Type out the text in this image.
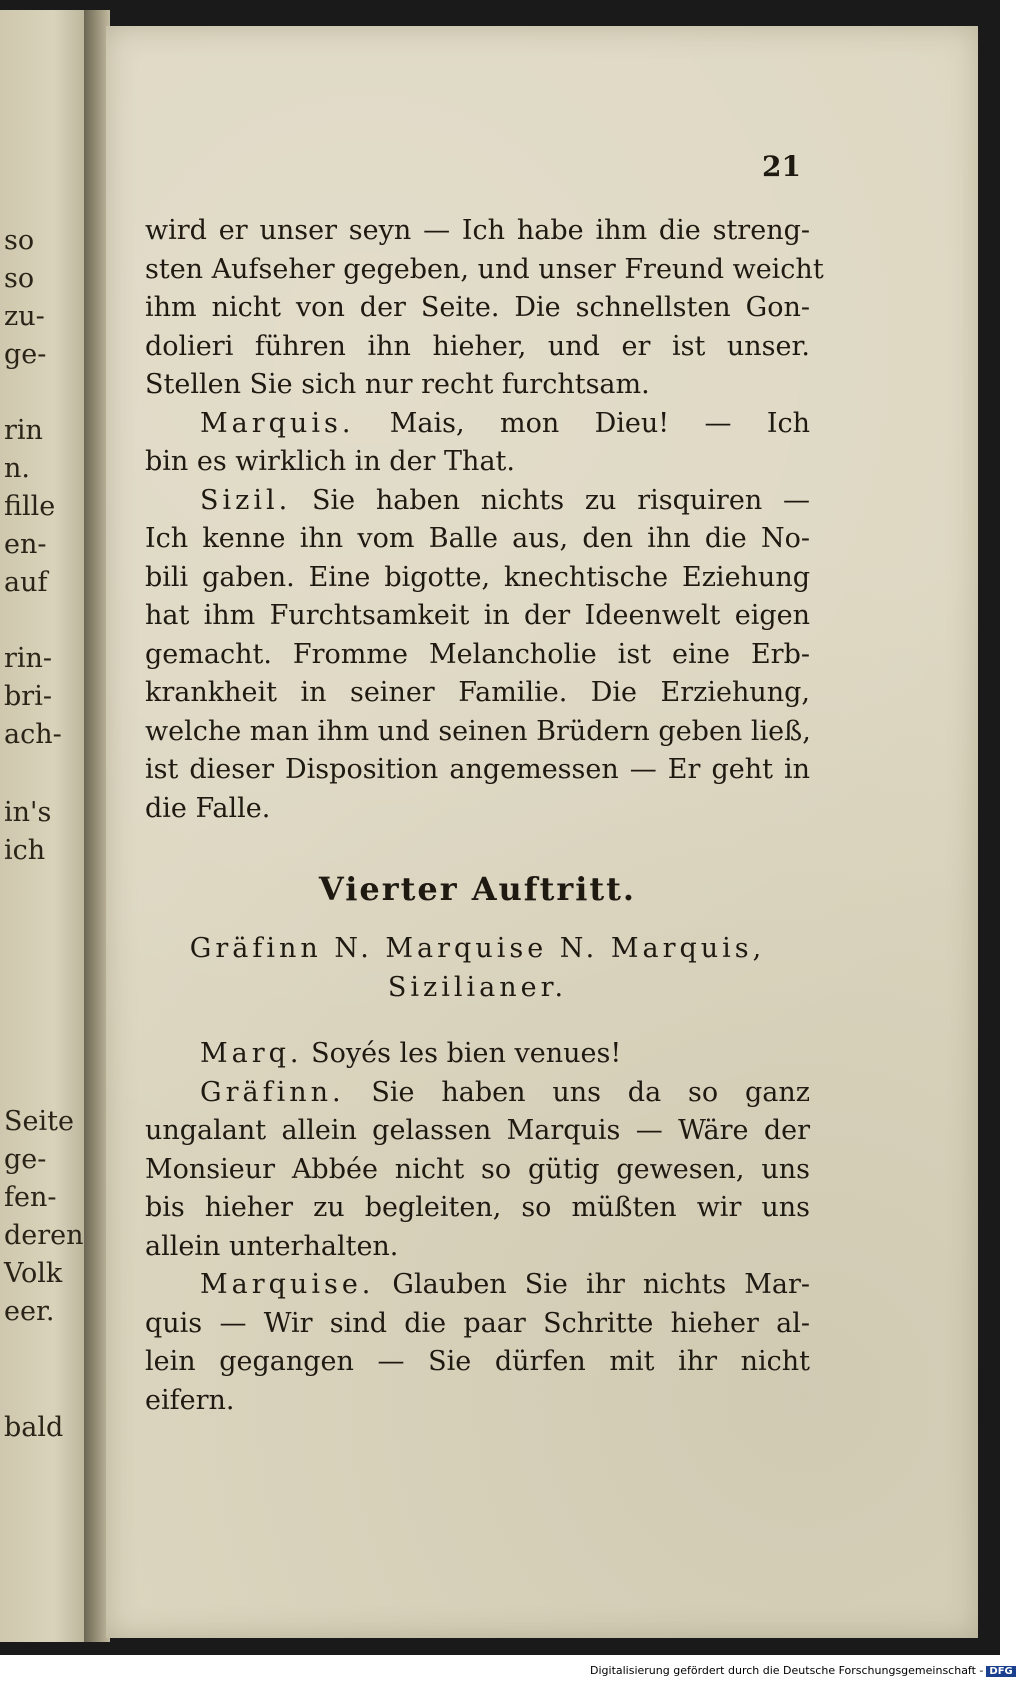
so
so
zu-
ge-
rin
n.
fille
en-
auf
rin-
bri-
ach-
in's
ich
Seite
ge-
fen-
deren
Volk
eer.
bald
21
wird er unser seyn — Ich habe ihm die streng-
sten Aufseher gegeben, und unser Freund weicht
ihm nicht von der Seite. Die schnellsten Gon-
dolieri führen ihn hieher, und er ist unser.
Stellen Sie sich nur recht furchtsam.
Marquis. Mais, mon Dieu! — Ich
bin es wirklich in der That.
Sizil. Sie haben nichts zu risquiren —
Ich kenne ihn vom Balle aus, den ihn die No-
bili gaben. Eine bigotte, knechtische Eziehung
hat ihm Furchtsamkeit in der Ideenwelt eigen
gemacht. Fromme Melancholie ist eine Erb-
krankheit in seiner Familie. Die Erziehung,
welche man ihm und seinen Brüdern geben ließ,
ist dieser Disposition angemessen — Er geht in
die Falle.
Vierter Auftritt.
Gräfinn N. Marquise N. Marquis,
Sizilianer.
Marq. Soyés les bien venues!
Gräfinn. Sie haben uns da so ganz
ungalant allein gelassen Marquis — Wäre der
Monsieur Abbée nicht so gütig gewesen, uns
bis hieher zu begleiten, so müßten wir uns
allein unterhalten.
Marquise. Glauben Sie ihr nichts Mar-
quis — Wir sind die paar Schritte hieher al-
lein gegangen — Sie dürfen mit ihr nicht
eifern.
Digitalisierung gefördert durch die Deutsche Forschungsgemeinschaft - DFG
